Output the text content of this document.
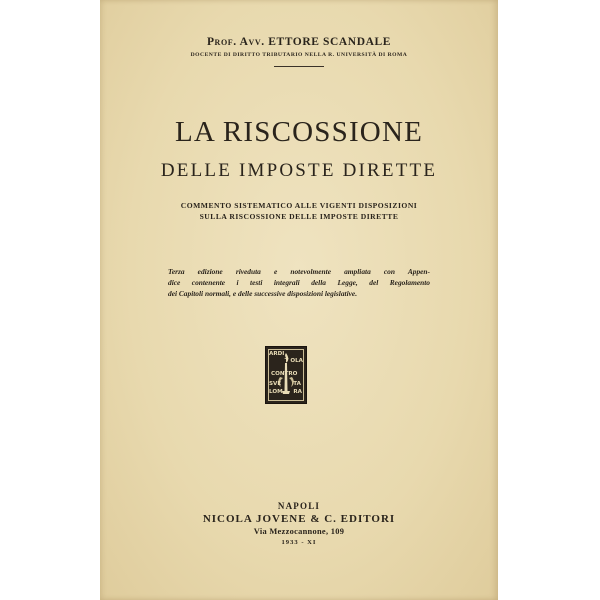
Prof. Avv. ETTORE SCANDALE
DOCENTE DI DIRITTO TRIBUTARIO NELLA R. UNIVERSITÀ DI ROMA
LA RISCOSSIONE
DELLE IMPOSTE DIRETTE
COMMENTO SISTEMATICO ALLE VIGENTI DISPOSIZIONI
SULLA RISCOSSIONE DELLE IMPOSTE DIRETTE
Terza edizione riveduta e notevolmente ampliata con Appen-
dice contenente i testi integrali della Legge, del Regolamento
dei Capitoli normali, e delle successive disposizioni legislative.
ARDI
T OLA
CONTRO
SVE TA
LOM RA
NAPOLI
NICOLA JOVENE & C. EDITORI
Via Mezzocannone, 109
1933 - XI
